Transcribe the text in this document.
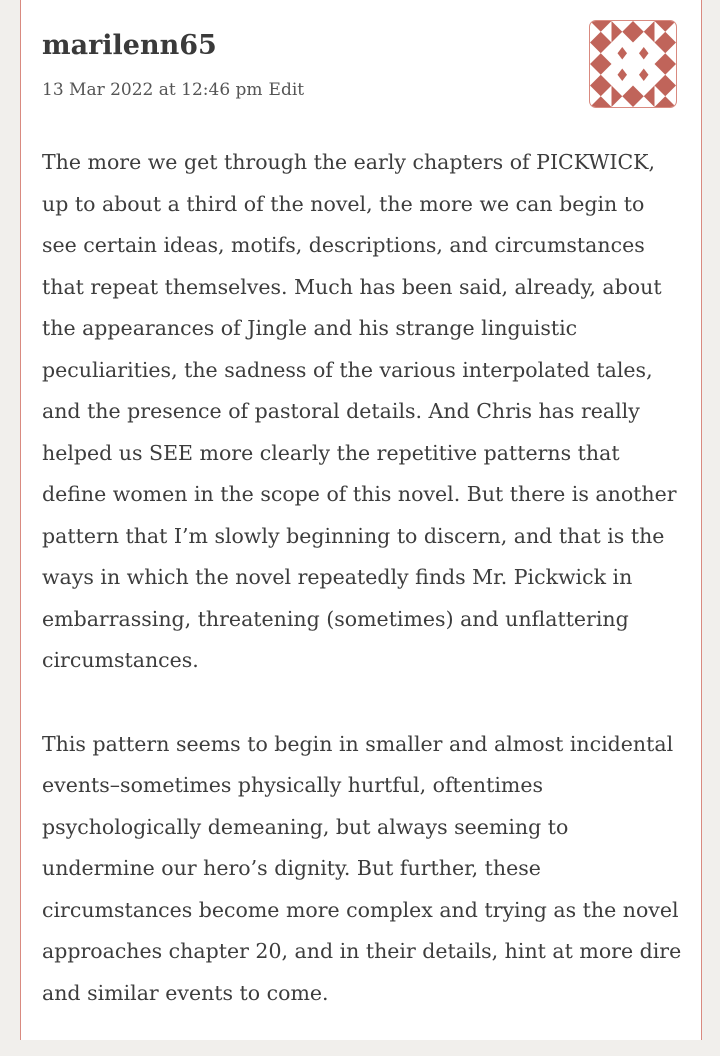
marilenn65
13 Mar 2022 at 12:46 pm Edit

The more we get through the early chapters of PICKWICK, up to about a third of the novel, the more we can begin to see certain ideas, motifs, descriptions, and circumstances that repeat themselves. Much has been said, already, about the appearances of Jingle and his strange linguistic peculiarities, the sadness of the various interpolated tales, and the presence of pastoral details. And Chris has really helped us SEE more clearly the repetitive patterns that define women in the scope of this novel. But there is another pattern that I’m slowly beginning to discern, and that is the ways in which the novel repeatedly finds Mr. Pickwick in embarrassing, threatening (sometimes) and unflattering circumstances.

This pattern seems to begin in smaller and almost incidental events–sometimes physically hurtful, oftentimes psychologically demeaning, but always seeming to undermine our hero’s dignity. But further, these circumstances become more complex and trying as the novel approaches chapter 20, and in their details, hint at more dire and similar events to come.
